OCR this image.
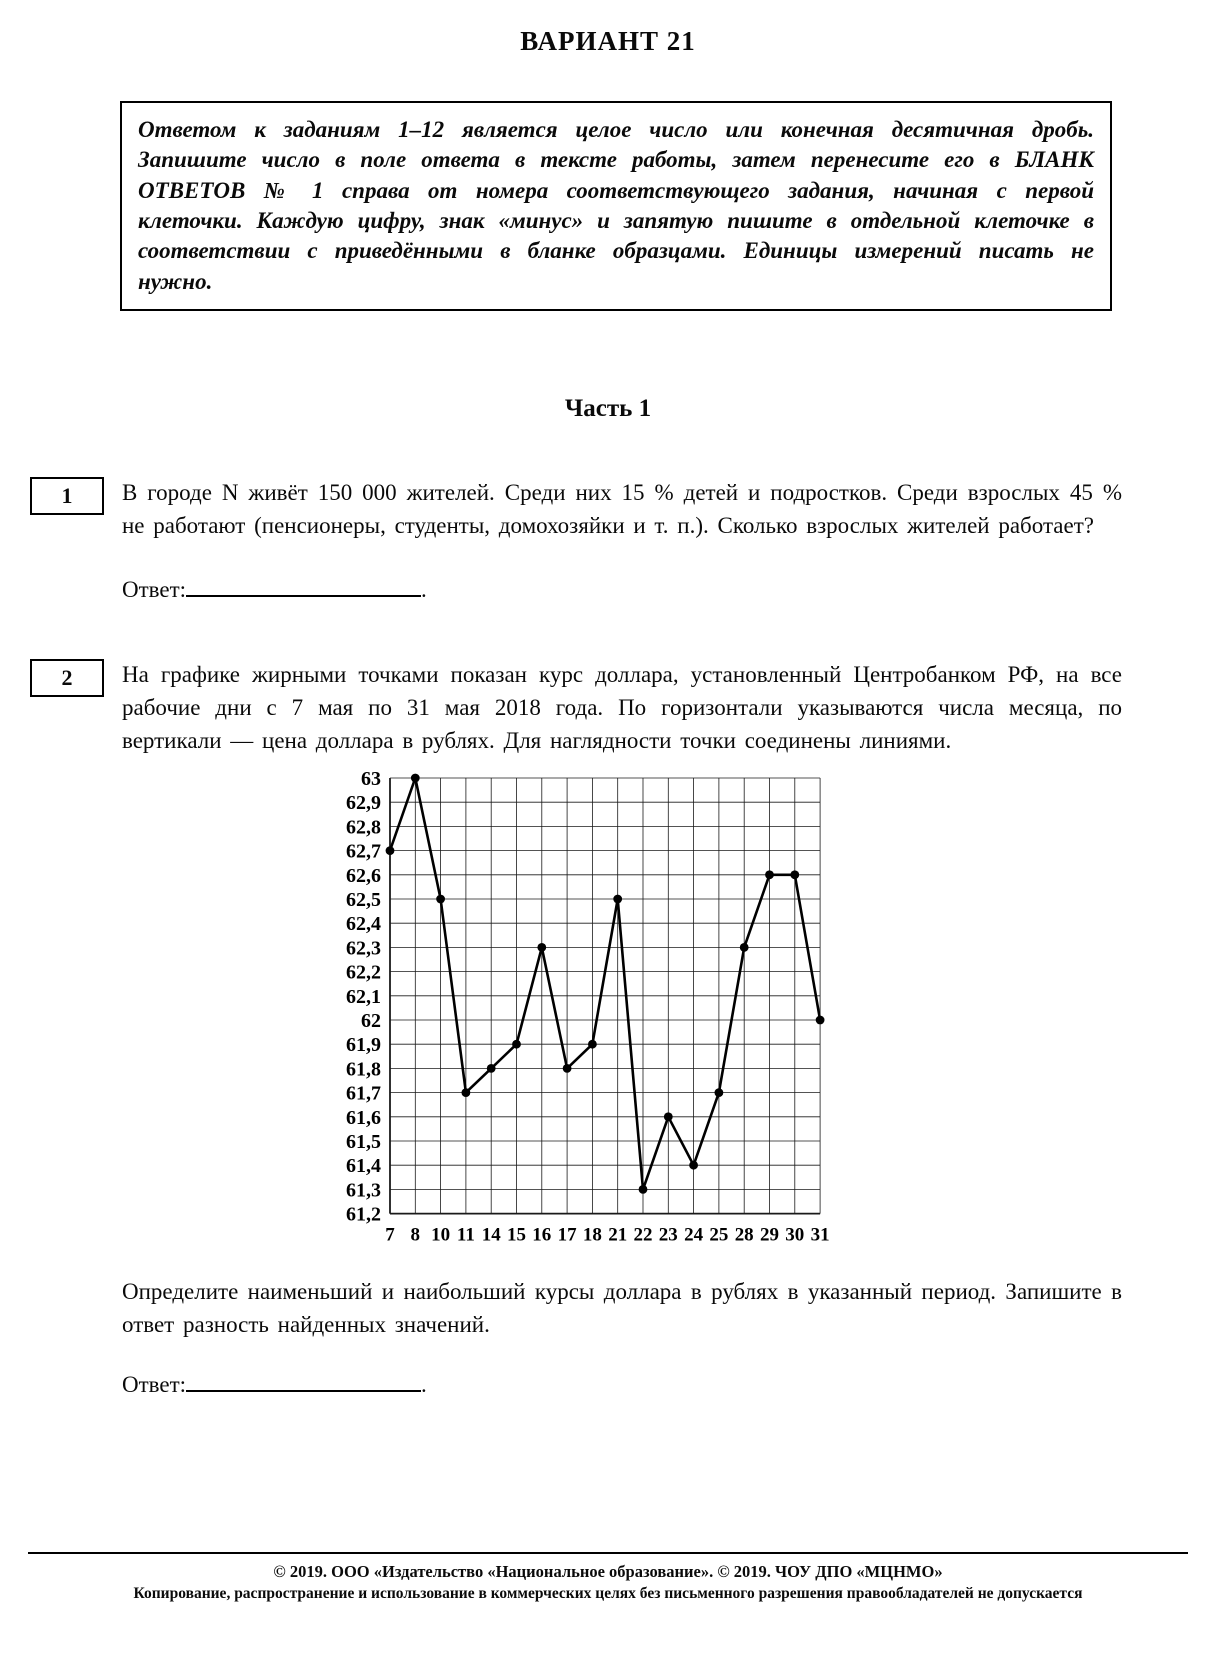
ВАРИАНТ 21

Ответом к заданиям 1–12 является целое число или конечная десятичная дробь. Запишите число в поле ответа в тексте работы, затем перенесите его в БЛАНК ОТВЕТОВ № 1 справа от номера соответствующего задания, начиная с первой клеточки. Каждую цифру, знак «минус» и запятую пишите в отдельной клеточке в соответствии с приведёнными в бланке образцами. Единицы измерений писать не нужно.

Часть 1
1 В городе N живёт 150 000 жителей. Среди них 15 % детей и подростков. Среди взрослых 45 % не работают (пенсионеры, студенты, домохозяйки и т. п.). Сколько взрослых жителей работает?

Ответ:	.
2 На графике жирными точками показан курс доллара, установленный Центробанком РФ, на все рабочие дни с 7 мая по 31 мая 2018 года. По горизонтали указываются числа месяца, по вертикали — цена доллара в рублях. Для наглядности точки соединены линиями.

63
62,9
62,8
62,7
62,6
62,5
62,4
62,3
62,2
62,1
62
61,9
61,8
61,7
61,6
61,5
61,4
61,3
61,2
7 8 10 11 14 15 16 17 18 21 22 23 24 25 28 29 30 31

Определите наименьший и наибольший курсы доллара в рублях в указанный период. Запишите в ответ разность найденных значений.

Ответ:	.

© 2019. ООО «Издательство «Национальное образование». © 2019. ЧОУ ДПО «МЦНМО»

Копирование, распространение и использование в коммерческих целях без письменного разрешения правообладателей не допускается
